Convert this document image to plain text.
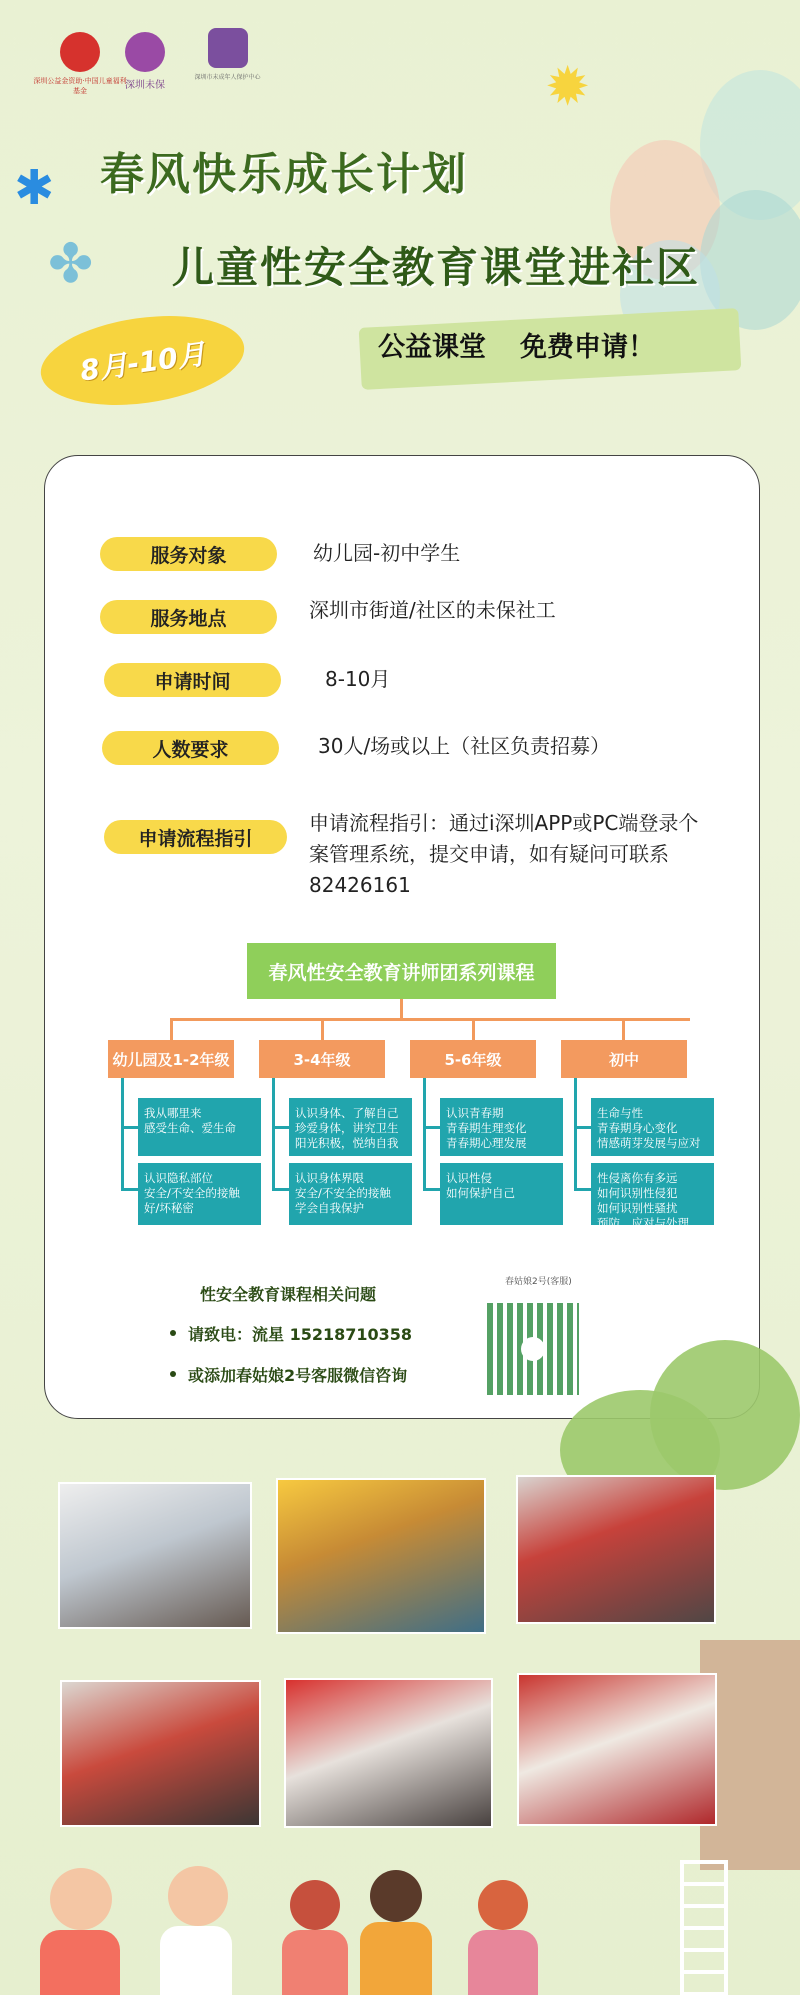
✹
✱
✤
深圳公益金资助·中国儿童福利基金	深圳未保
深圳市未成年人保护中心
春风快乐成长计划
儿童性安全教育课堂进社区
8月-10月	公益课堂 免费申请！
服务对象	幼儿园-初中学生
服务地点	深圳市街道/社区的未保社工
申请时间	8-10月
人数要求	30人/场或以上（社区负责招募）
申请流程指引
申请流程指引：通过i深圳APP或PC端登录个案管理系统，提交申请，如有疑问可联系82426161
春风性安全教育讲师团系列课程
幼儿园及1-2年级	3-4年级	5-6年级	初中
我从哪里来
感受生命、爱生命
认识隐私部位
安全/不安全的接触
好/坏秘密
认识身体、了解自己
珍爱身体，讲究卫生
阳光积极，悦纳自我
认识身体界限
安全/不安全的接触
学会自我保护
认识青春期
青春期生理变化
青春期心理发展
认识性侵
如何保护自己
生命与性
青春期身心变化
情感萌芽发展与应对
性侵离你有多远
如何识别性侵犯
如何识别性骚扰
预防、应对与处理
性安全教育课程相关问题
请致电：流星 15218710358
或添加春姑娘2号客服微信咨询
春姑娘2号(客服)
